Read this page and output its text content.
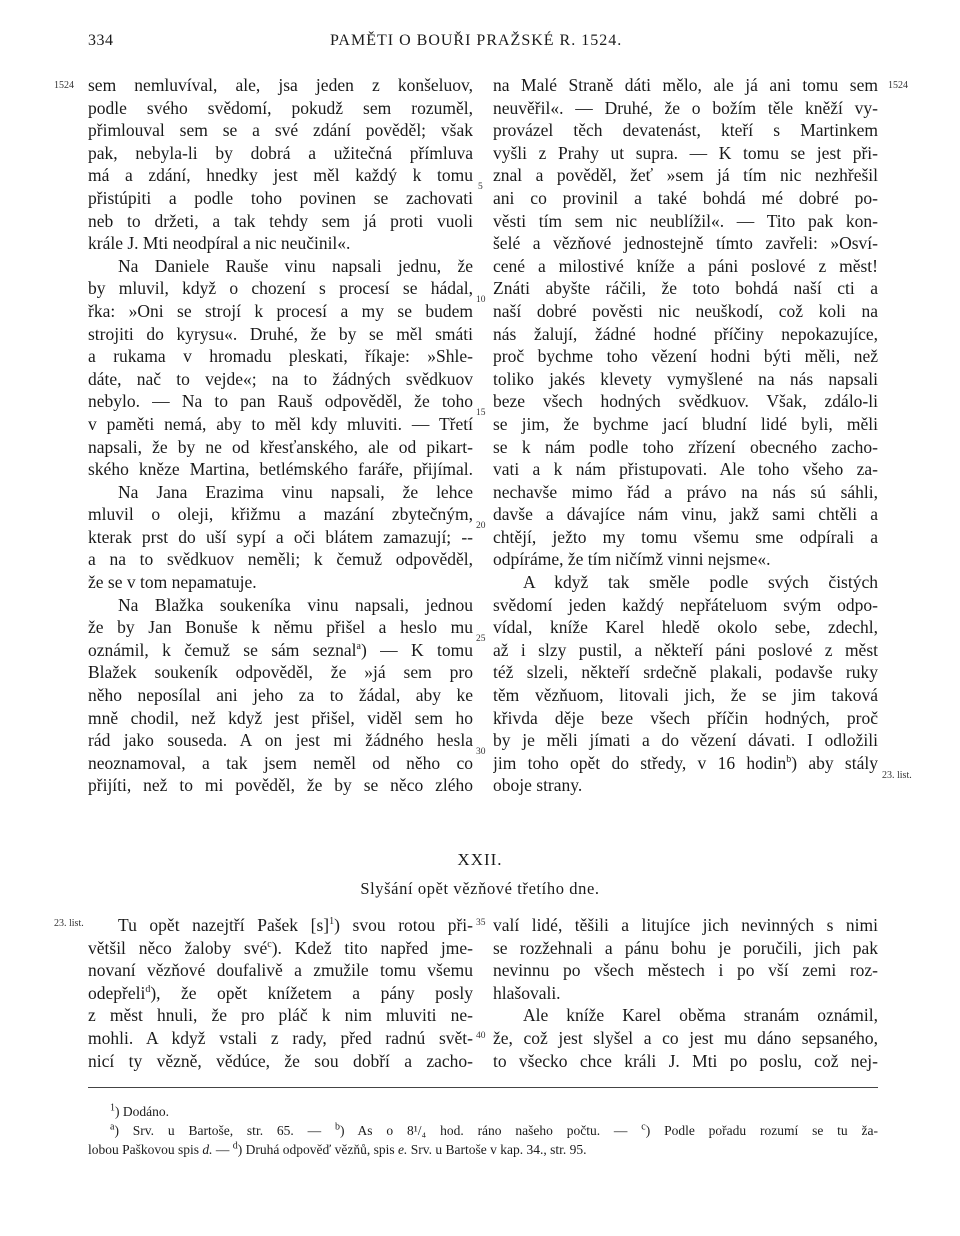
334	PAMĚTI O BOUŘI PRAŽSKÉ R. 1524.
1524	1524
23. list.
23. list.
5
10
15
20
25
30
35
40
sem nemluvíval, ale, jsa jeden z konšeluov,
podle svého svědomí, pokudž sem rozuměl,
přimlouval sem se a své zdání pověděl; však
pak, nebyla-li by dobrá a užitečná přímluva
má a zdání, hnedky jest měl každý k tomu
přistúpiti a podle toho povinen se zachovati
neb to držeti, a tak tehdy sem já proti vuoli
krále J. Mti neodpíral a nic neučinil«.
Na Daniele Rauše vinu napsali jednu, že
by mluvil, když o chození s procesí se hádal,
řka: »Oni se strojí k procesí a my se budem
strojiti do kyrysu«. Druhé, že by se měl smáti
a rukama v hromadu pleskati, říkaje: »Shle-
dáte, nač to vejde«; na to žádných svědkuov
nebylo. — Na to pan Rauš odpověděl, že toho
v paměti nemá, aby to měl kdy mluviti. — Třetí
napsali, že by ne od křesťanského, ale od pikart-
ského kněze Martina, betlémského faráře, přijímal.
Na Jana Erazima vinu napsali, že lehce
mluvil o oleji, křižmu a mazání zbytečným,
kterak prst do uší sypí a oči blátem zamazují; --
a na to svědkuov neměli; k čemuž odpověděl,
že se v tom nepamatuje.
Na Blažka soukeníka vinu napsali, jednou
že by Jan Bonuše k němu přišel a heslo mu
oznámil, k čemuž se sám seznal$^a$) — K tomu
Blažek soukeník odpověděl, že »já sem pro
něho neposílal ani jeho za to žádal, aby ke
mně chodil, než když jest přišel, viděl sem ho
rád jako souseda. A on jest mi žádného hesla
neoznamoval, a tak jsem neměl od něho co
přijíti, než to mi pověděl, že by se něco zlého
na Malé Straně dáti mělo, ale já ani tomu sem
neuvěřil«. — Druhé, že o božím těle kněží vy-
provázel těch devatenást, kteří s Martinkem
vyšli z Prahy ut supra. — K tomu se jest při-
znal a pověděl, žeť »sem já tím nic nezhřešil
ani co provinil a také bohdá mé dobré po-
věsti tím sem nic neublížil«. — Tito pak kon-
šelé a vězňové jednostejně tímto zavřeli: »Osví-
cené a milostivé kníže a páni poslové z měst!
Znáti abyšte ráčili, že toto bohdá naší cti a
naší dobré pověsti nic neuškodí, což koli na
nás žalují, žádné hodné příčiny nepokazujíce,
proč bychme toho vězení hodni býti měli, než
toliko jakés klevety vymyšlené na nás napsali
beze všech hodných svědkuov. Však, zdálo-li
se jim, že bychme jací bludní lidé byli, měli
se k nám podle toho zřízení obecného zacho-
vati a k nám přistupovati. Ale toho všeho za-
nechavše mimo řád a právo na nás sú sáhli,
davše a dávajíce nám vinu, jakž sami chtěli a
chtějí, ježto my tomu všemu sme odpírali a
odpíráme, že tím ničímž vinni nejsme«.
A když tak směle podle svých čistých
svědomí jeden každý nepřáteluom svým odpo-
vídal, kníže Karel hledě okolo sebe, zdechl,
až i slzy pustil, a někteří páni poslové z měst
též slzeli, někteří srdečně plakali, podavše ruky
těm vězňuom, litovali jich, že se jim taková
křivda děje beze všech příčin hodných, proč
by je měli jímati a do vězení dávati. I odložili
jim toho opět do středy, v 16 hodin$^b$) aby stály
oboje strany.
XXII.
Slyšání opět vězňové třetího dne.
Tu opět nazejtří Pašek $[s]^1$) svou rotou při-
většil něco žaloby své$^c$). Kdež tito napřed jme-
novaní vězňové doufalivě a zmužile tomu všemu
odepřeli$^d$), že opět knížetem a pány posly
z měst hnuli, že pro pláč k nim mluviti ne-
mohli. A když vstali z rady, před radnú svět-
nicí ty vězně, vědúce, že sou dobří a zacho-
valí lidé, těšili a litujíce jich nevinných s nimi
se rozžehnali a pánu bohu je poručili, jich pak
nevinnu po všech městech i po vší zemi roz-
hlašovali.
Ale kníže Karel oběma stranám oznámil,
že, což jest slyšel a co jest mu dáno sepsaného,
to všecko chce králi J. Mti po poslu, což nej-
$^1$) Dodáno.
$^a$) Srv. u Bartoše, str. 65. — $^b$) As o 8¹/₄ hod. ráno našeho počtu. — $^c$) Podle pořadu rozumí se tu ža-
lobou Paškovou spis d. — $^d$) Druhá odpověď vězňů, spis e. Srv. u Bartoše v kap. 34., str. 95.
